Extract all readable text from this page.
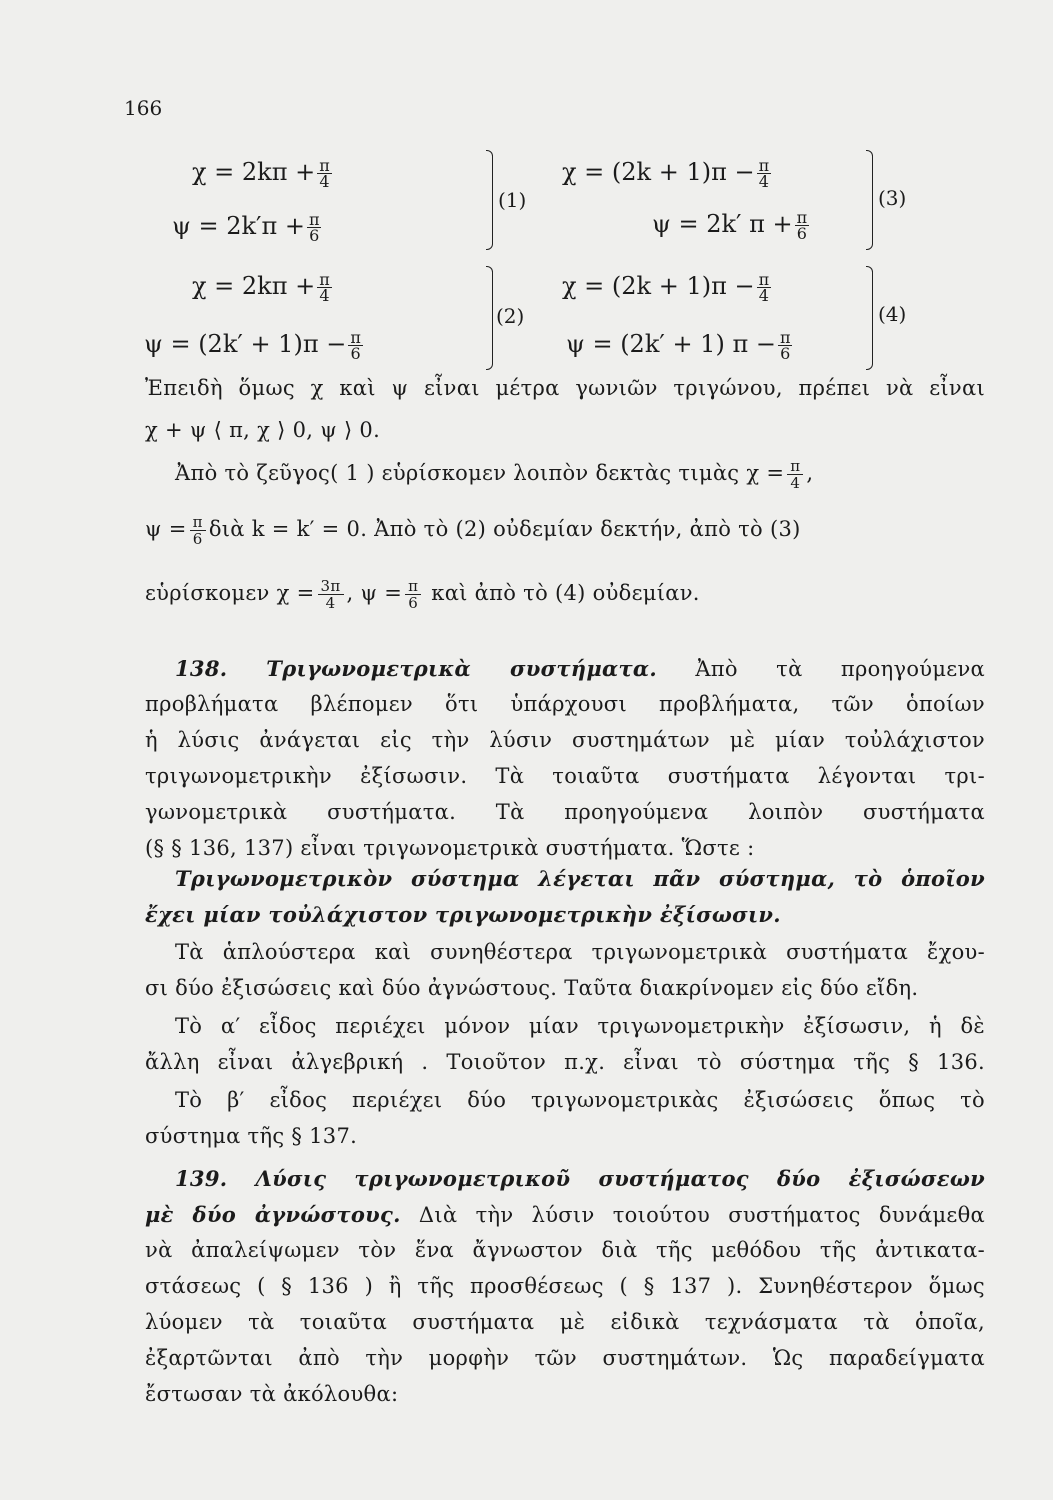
166
$\chi = 2k\pi + \frac{\pi}{4}$
$\psi = 2k'\pi + \frac{\pi}{6}$
(1)
$\chi = (2k + 1)\pi - \frac{\pi}{4}$
ψ = 2k′ $\pi + \frac{\pi}{6}$
(3)
$\chi = 2k\pi + \frac{\pi}{4}$
$\psi = (2k' + 1)\pi - \frac{\pi}{6}$
(2)
$\chi = (2k + 1)\pi - \frac{\pi}{4}$
ψ = (2k′ + 1) $\pi - \frac{\pi}{6}$
(4)
Ἐπειδὴ ὅμως χ καὶ ψ εἶναι μέτρα γωνιῶν τριγώνου, πρέπει νὰ εἶναι
χ + ψ ⟨ π, χ ⟩ 0, ψ ⟩ 0.
Ἀπὸ τὸ ζεῦγος( 1 ) εὑρίσκομεν λοιπὸν δεκτὰς τιμὰς $\chi = \frac{\pi}{4}$ ,
$\psi = \frac{\pi}{6}$ διὰ k = k′ = 0. Ἀπὸ τὸ (2) οὐδεμίαν δεκτήν, ἀπὸ τὸ (3)
εὑρίσκομεν $\chi = \frac{3\pi}{4}$ , $\psi = \frac{\pi}{6}$ καὶ ἀπὸ τὸ (4) οὐδεμίαν.
138. Τριγωνομετρικὰ συστήματα. Ἀπὸ τὰ προηγούμενα
προβλήματα βλέπομεν ὅτι ὑπάρχουσι προβλήματα, τῶν ὁποίων
ἡ λύσις ἀνάγεται εἰς τὴν λύσιν συστημάτων μὲ μίαν τοὐλάχιστον
τριγωνομετρικὴν ἐξίσωσιν. Τὰ τοιαῦτα συστήματα λέγονται τρι-
γωνομετρικὰ συστήματα. Τὰ προηγούμενα λοιπὸν συστήματα
(§ § 136, 137) εἶναι τριγωνομετρικὰ συστήματα. Ὥστε :
Τριγωνομετρικὸν σύστημα λέγεται πᾶν σύστημα, τὸ ὁποῖον
ἔχει μίαν τοὐλάχιστον τριγωνομετρικὴν ἐξίσωσιν.
Τὰ ἁπλούστερα καὶ συνηθέστερα τριγωνομετρικὰ συστήματα ἔχου-
σι δύο ἐξισώσεις καὶ δύο ἀγνώστους. Ταῦτα διακρίνομεν εἰς δύο εἴδη.
Τὸ α′ εἶδος περιέχει μόνον μίαν τριγωνομετρικὴν ἐξίσωσιν, ἡ δὲ
ἄλλη εἶναι ἀλγεβρική . Τοιοῦτον π.χ. εἶναι τὸ σύστημα τῆς § 136.
Τὸ β′ εἶδος περιέχει δύο τριγωνομετρικὰς ἐξισώσεις ὅπως τὸ
σύστημα τῆς § 137.
139. Λύσις τριγωνομετρικοῦ συστήματος δύο ἐξισώσεων
μὲ δύο ἀγνώστους. Διὰ τὴν λύσιν τοιούτου συστήματος δυνάμεθα
νὰ ἀπαλείψωμεν τὸν ἕνα ἄγνωστον διὰ τῆς μεθόδου τῆς ἀντικατα-
στάσεως ( § 136 ) ἢ τῆς προσθέσεως ( § 137 ). Συνηθέστερον ὅμως
λύομεν τὰ τοιαῦτα συστήματα μὲ εἰδικὰ τεχνάσματα τὰ ὁποῖα,
ἐξαρτῶνται ἀπὸ τὴν μορφὴν τῶν συστημάτων. Ὡς παραδείγματα
ἔστωσαν τὰ ἀκόλουθα:
